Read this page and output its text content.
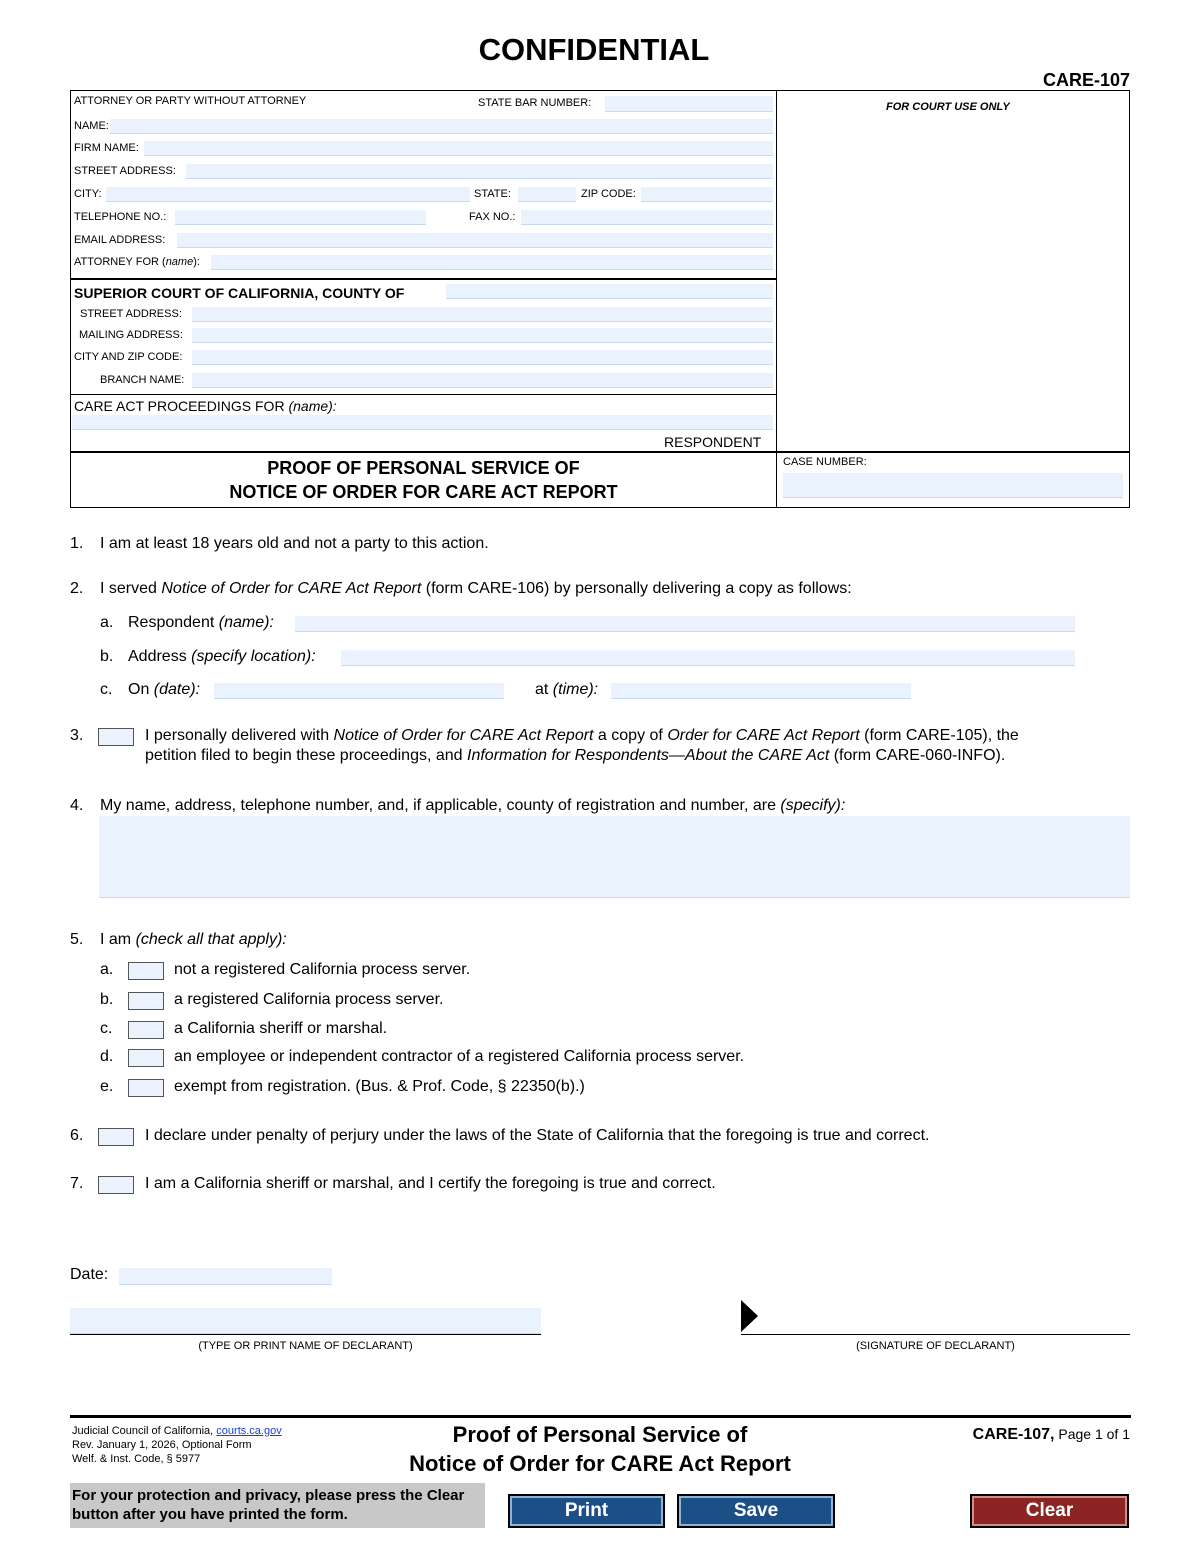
CONFIDENTIAL
CARE-107
FOR COURT USE ONLY
ATTORNEY OR PARTY WITHOUT ATTORNEY	STATE BAR NUMBER:
NAME:
FIRM NAME:
STREET ADDRESS:
CITY:	STATE:	ZIP CODE:
TELEPHONE NO.:	FAX NO.:
EMAIL ADDRESS:
ATTORNEY FOR (name):
SUPERIOR COURT OF CALIFORNIA, COUNTY OF
STREET ADDRESS:
MAILING ADDRESS:
CITY AND ZIP CODE:
BRANCH NAME:
CARE ACT PROCEEDINGS FOR (name):
RESPONDENT
PROOF OF PERSONAL SERVICE OF
NOTICE OF ORDER FOR CARE ACT REPORT
CASE NUMBER:
1. I am at least 18 years old and not a party to this action.
2. I served Notice of Order for CARE Act Report (form CARE-106) by personally delivering a copy as follows:
a. Respondent (name):
b. Address (specify location):
c. On (date):	at (time):
3.	I personally delivered with Notice of Order for CARE Act Report a copy of Order for CARE Act Report (form CARE-105), the
petition filed to begin these proceedings, and Information for Respondents—About the CARE Act (form CARE-060-INFO).
4. My name, address, telephone number, and, if applicable, county of registration and number, are (specify):
5. I am (check all that apply):
a.	not a registered California process server.
b.	a registered California process server.
c.	a California sheriff or marshal.
d.	an employee or independent contractor of a registered California process server.
e.	exempt from registration. (Bus. & Prof. Code, § 22350(b).)
6.	I declare under penalty of perjury under the laws of the State of California that the foregoing is true and correct.
7.	I am a California sheriff or marshal, and I certify the foregoing is true and correct.
Date:
(TYPE OR PRINT NAME OF DECLARANT)	(SIGNATURE OF DECLARANT)
Judicial Council of California, courts.ca.gov
Rev. January 1, 2026, Optional Form
Welf. & Inst. Code, § 5977
Proof of Personal Service of
Notice of Order for CARE Act Report
CARE-107, Page 1 of 1
For your protection and privacy, please press the Clear button after you have printed the form.	Print	Save	Clear
